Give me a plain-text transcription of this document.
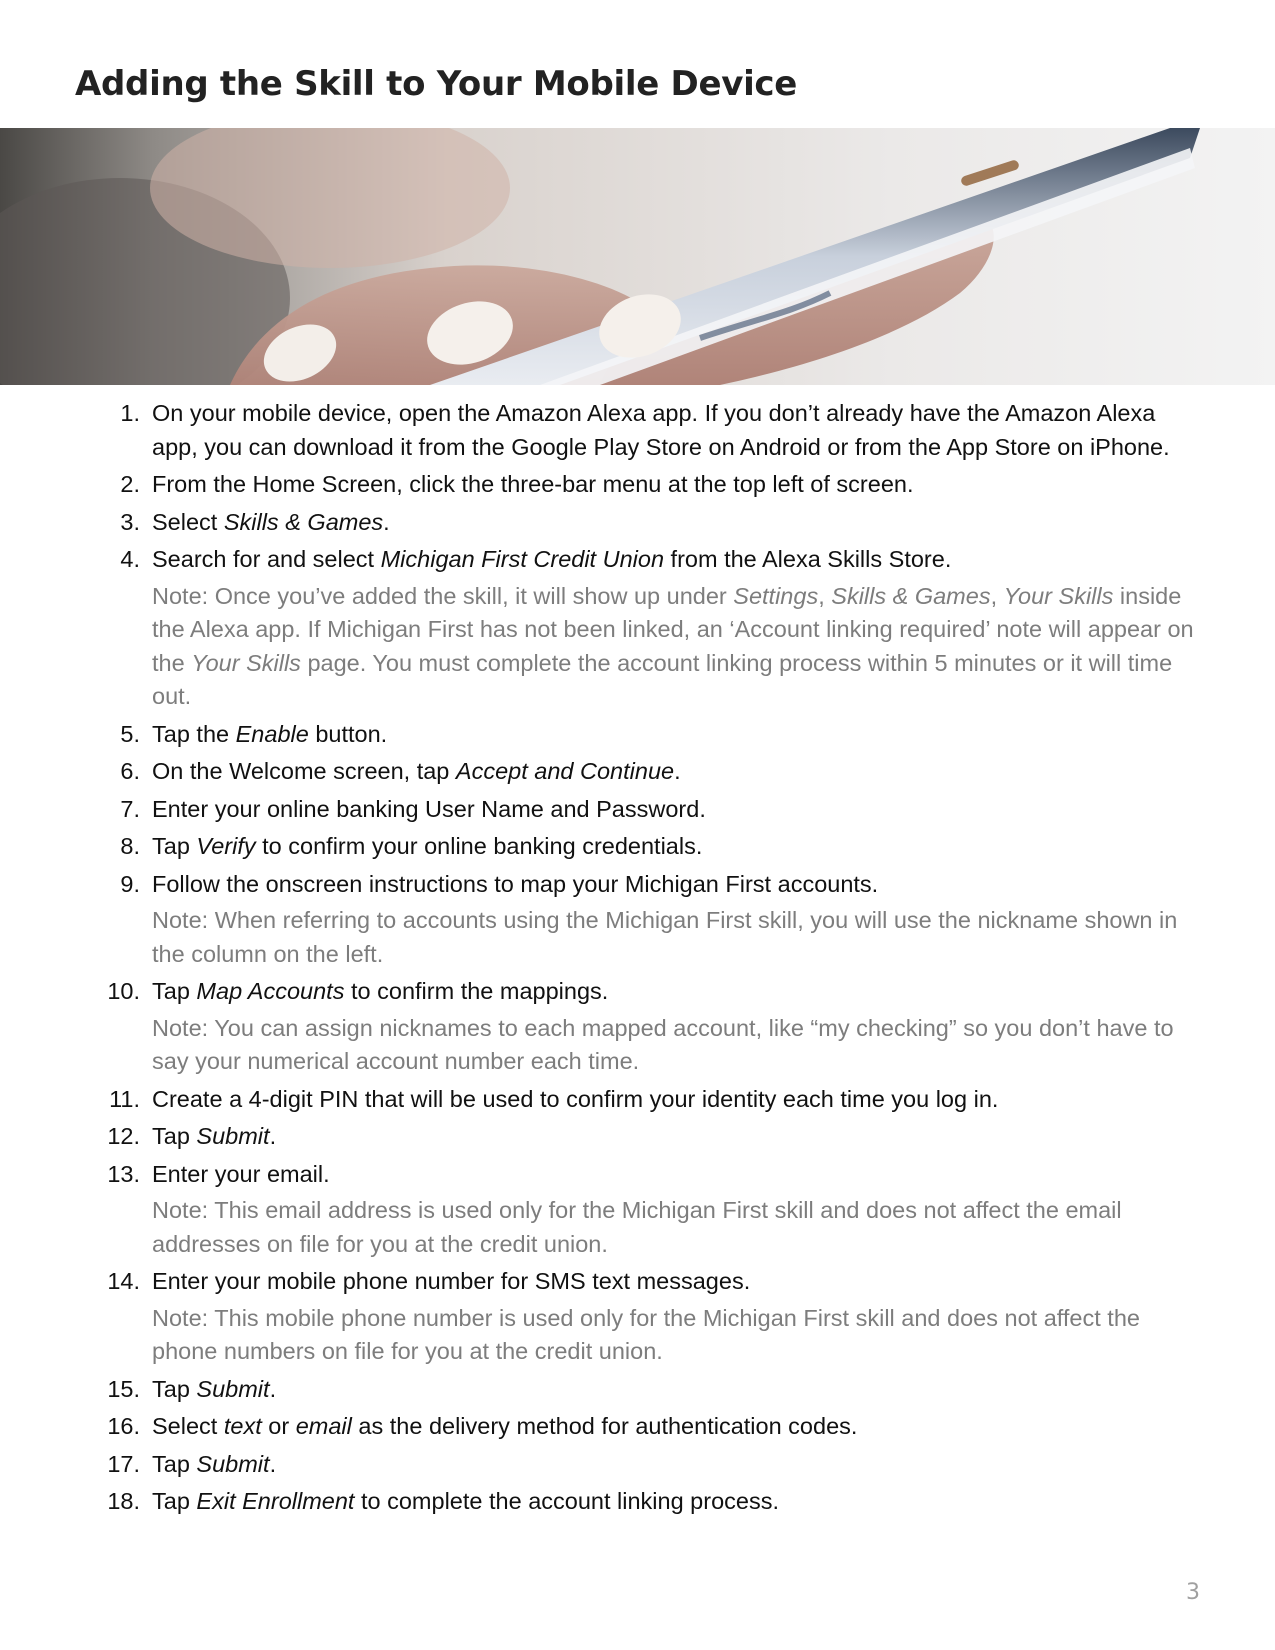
Adding the Skill to Your Mobile Device
1. On your mobile device, open the Amazon Alexa app. If you don’t already have the Amazon Alexa app, you can download it from the Google Play Store on Android or from the App Store on iPhone.
2. From the Home Screen, click the three-bar menu at the top left of screen.
3. Select Skills & Games.
4. Search for and select Michigan First Credit Union from the Alexa Skills Store.
Note: Once you’ve added the skill, it will show up under Settings, Skills & Games, Your Skills inside the Alexa app. If Michigan First has not been linked, an ‘Account linking required’ note will appear on the Your Skills page. You must complete the account linking process within 5 minutes or it will time out.
5. Tap the Enable button.
6. On the Welcome screen, tap Accept and Continue.
7. Enter your online banking User Name and Password.
8. Tap Verify to confirm your online banking credentials.
9. Follow the onscreen instructions to map your Michigan First accounts.
Note: When referring to accounts using the Michigan First skill, you will use the nickname shown in the column on the left.
10. Tap Map Accounts to confirm the mappings.
Note: You can assign nicknames to each mapped account, like “my checking” so you don’t have to say your numerical account number each time.
11. Create a 4-digit PIN that will be used to confirm your identity each time you log in.
12. Tap Submit.
13. Enter your email.
Note: This email address is used only for the Michigan First skill and does not affect the email addresses on file for you at the credit union.
14. Enter your mobile phone number for SMS text messages.
Note: This mobile phone number is used only for the Michigan First skill and does not affect the phone numbers on file for you at the credit union.
15. Tap Submit.
16. Select text or email as the delivery method for authentication codes.
17. Tap Submit.
18. Tap Exit Enrollment to complete the account linking process.
3
